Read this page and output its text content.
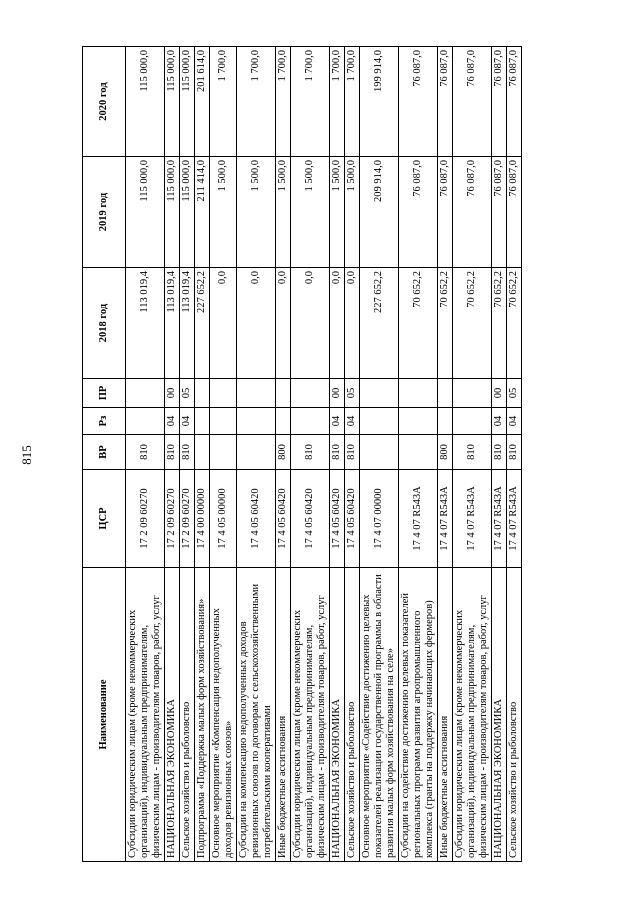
815
Наименование	ЦСР	ВР	Рз	ПР	2018 год	2019 год	2020 год
Субсидии юридическим лицам (кроме некоммерческих организаций), индивидуальным предпринимателям, физическим лицам - производителям товаров, работ, услуг	17 2 09 60270	810			113 019,4	115 000,0	115 000,0
НАЦИОНАЛЬНАЯ ЭКОНОМИКА	17 2 09 60270	810	04	00	113 019,4	115 000,0	115 000,0
Сельское хозяйство и рыболовство	17 2 09 60270	810	04	05	113 019,4	115 000,0	115 000,0
Подпрограмма «Поддержка малых форм хозяйствования»	17 4 00 00000				227 652,2	211 414,0	201 614,0
Основное мероприятие «Компенсация недополученных доходов ревизионных союзов»	17 4 05 00000				0,0	1 500,0	1 700,0
Субсидии на компенсацию недополученных доходов ревизионных союзов по договорам с сельскохозяйственными потребительскими кооперативами	17 4 05 60420				0,0	1 500,0	1 700,0
Иные бюджетные ассигнования	17 4 05 60420	800			0,0	1 500,0	1 700,0
Субсидии юридическим лицам (кроме некоммерческих организаций), индивидуальным предпринимателям, физическим лицам - производителям товаров, работ, услуг	17 4 05 60420	810			0,0	1 500,0	1 700,0
НАЦИОНАЛЬНАЯ ЭКОНОМИКА	17 4 05 60420	810	04	00	0,0	1 500,0	1 700,0
Сельское хозяйство и рыболовство	17 4 05 60420	810	04	05	0,0	1 500,0	1 700,0
Основное мероприятие «Содействие достижению целевых показателей реализации государственной программы в области развития малых форм хозяйствования на селе»	17 4 07 00000				227 652,2	209 914,0	199 914,0
Субсидии на содействие достижению целевых показателей региональных программ развития агропромышленного комплекса (гранты на поддержку начинающих фермеров)	17 4 07 R543A				70 652,2	76 087,0	76 087,0
Иные бюджетные ассигнования	17 4 07 R543A	800			70 652,2	76 087,0	76 087,0
Субсидии юридическим лицам (кроме некоммерческих организаций), индивидуальным предпринимателям, физическим лицам - производителям товаров, работ, услуг	17 4 07 R543A	810			70 652,2	76 087,0	76 087,0
НАЦИОНАЛЬНАЯ ЭКОНОМИКА	17 4 07 R543A	810	04	00	70 652,2	76 087,0	76 087,0
Сельское хозяйство и рыболовство	17 4 07 R543A	810	04	05	70 652,2	76 087,0	76 087,0
